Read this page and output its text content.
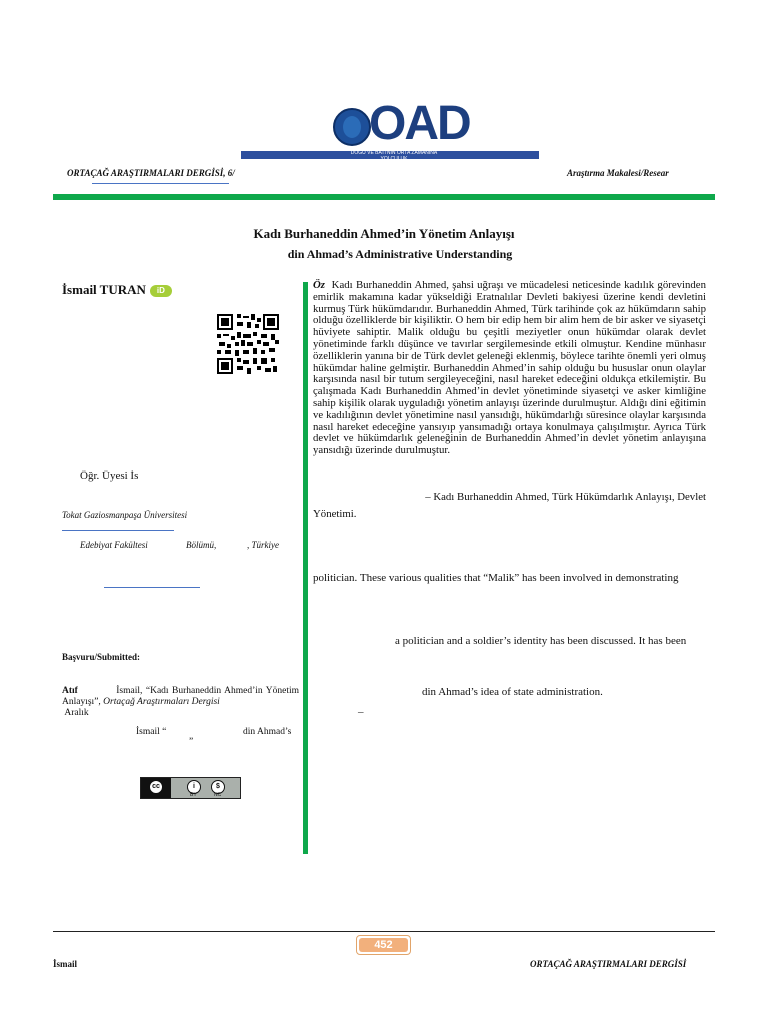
OAD
DOĞU VE BATI'NIN ORTA ZAMANINA
YOLCULUK
ORTAÇAĞ ARAŞTIRMALARI DERGİSİ, 6/	Araştırma Makalesi/Resear
Kadı Burhaneddin Ahmed’in Yönetim Anlayışı
din Ahmad’s Administrative Understanding
İsmail TURAN iD
Öğr. Üyesi İs
Tokat Gaziosmanpaşa Üniversitesi
Edebiyat Fakültesi	Bölümü,	, Türkiye
Başvuru/Submitted:
Atıf	İsmail, “Kadı Burhaneddin Ahmed’in Yönetim Anlayışı”, Ortaçağ Araştırmaları Dergisi
Aralık
İsmail “	din Ahmad’s
”
cc	i	$
BY	NC
Öz Kadı Burhaneddin Ahmed, şahsi uğraşı ve mücadelesi neticesinde kadılık görevinden emirlik makamına kadar yükseldiği Eratnalılar Devleti bakiyesi üzerine kendi devletini kurmuş Türk hükümdarıdır. Burhaneddin Ahmed, Türk tarihinde çok az hükümdarın sahip olduğu özelliklerde bir kişiliktir. O hem bir edip hem bir alim hem de bir asker ve siyasetçi hüviyete sahiptir. Malik olduğu bu çeşitli meziyetler onun hükümdar olarak devlet yönetiminde farklı düşünce ve tavırlar sergilemesinde etkili olmuştur. Kendine münhasır özelliklerin yanına bir de Türk devlet geleneği eklenmiş, böylece tarihte önemli yeri olmuş hükümdar haline gelmiştir. Burhaneddin Ahmed’in sahip olduğu bu hususlar onun olaylar karşısında nasıl bir tutum sergileyeceğini, nasıl hareket edeceğini oldukça etkilemiştir. Bu çalışmada Kadı Burhaneddin Ahmed’in devlet yönetiminde siyasetçi ve asker kimliğine sahip kişilik olarak uyguladığı yönetim anlayışı üzerinde durulmuştur. Aldığı dini eğitimin ve kadılığının devlet yönetimine nasıl yansıdığı, hükümdarlığı süresince olaylar karşısında nasıl hareket edeceğine yansıyıp yansımadığı ortaya konulmaya çalışılmıştır. Ayrıca Türk devlet ve hükümdarlık geleneğinin de Burhaneddin Ahmed’in devlet yönetim anlayışına yansıdığı üzerinde durulmuştur.
– Kadı Burhaneddin Ahmed, Türk Hükümdarlık Anlayışı, Devlet
Yönetimi.
politician. These various qualities that “Malik” has been involved in demonstrating
a politician and a soldier’s identity has been discussed. It has been
din Ahmad’s idea of state administration.
–
452
İsmail	ORTAÇAĞ ARAŞTIRMALARI DERGİSİ
